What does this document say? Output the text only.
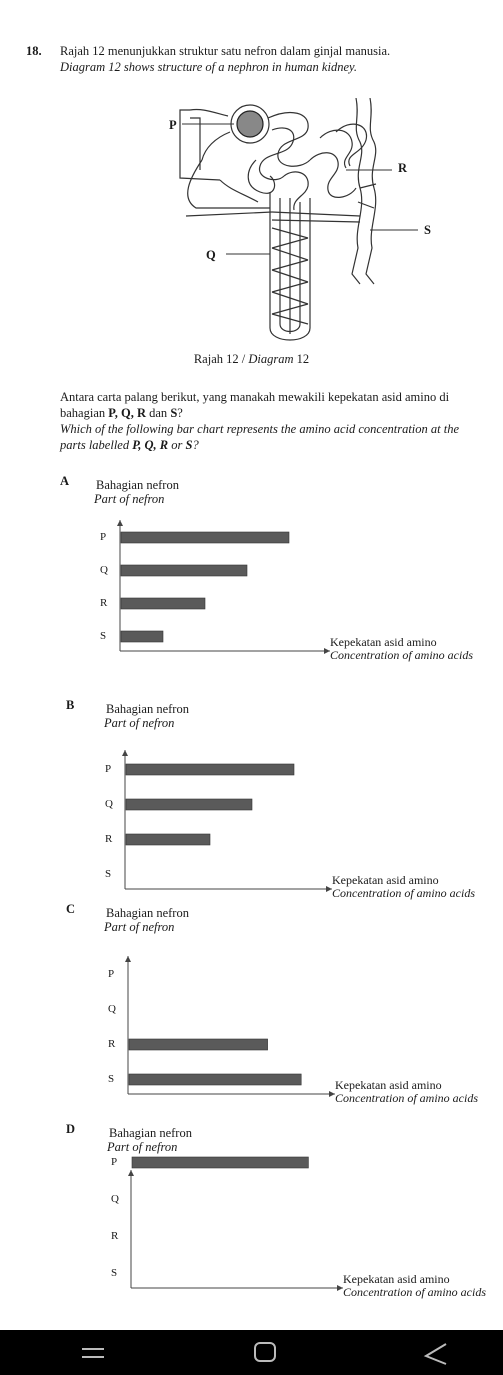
18. Rajah 12 menunjukkan struktur satu nefron dalam ginjal manusia.
Diagram 12 shows structure of a nephron in human kidney.
P
R
S
Q
Rajah 12 / Diagram 12
Antara carta palang berikut, yang manakah mewakili kepekatan asid amino di
bahagian P, Q, R dan S?
Which of the following bar chart represents the amino acid concentration at the
parts labelled P, Q, R or S?
A Bahagian nefron
Part of nefron
P
Q
R
S	Kepekatan asid amino
Concentration of amino acids
B	Bahagian nefron
Part of nefron
P
Q
R
S	Kepekatan asid amino
Concentration of amino acids
C Bahagian nefron
Part of nefron
P
Q
R
S	Kepekatan asid amino
Concentration of amino acids
D	Bahagian nefron
Part of nefron
P
Q
R
S	Kepekatan asid amino
Concentration of amino acids
